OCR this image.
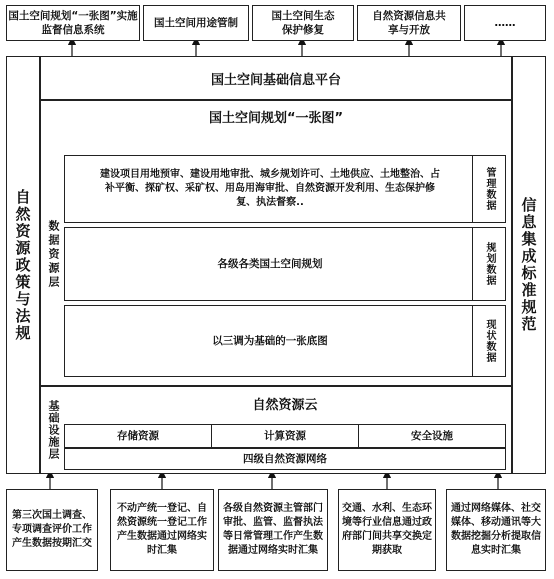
国土空间规划“一张图”实施监督信息系统
国土空间用途管制
国土空间生态保护修复
自然资源信息共享与开放
……
自然资源政策与法规	信息集成标准规范
国土空间基础信息平台
国土空间规划“一张图”
数据资源层
建设项目用地预审、建设用地审批、城乡规划许可、土地供应、土地整治、占补平衡、探矿权、采矿权、用岛用海审批、自然资源开发利用、生态保护修复、执法督察..	管理数据
各级各类国土空间规划	规划数据
以三调为基础的一张底图	现状数据
基础设施层	自然资源云
存储资源	计算资源	安全设施
四级自然资源网络
第三次国土调查、专项调查评价工作产生数据按期汇交
不动产统一登记、自然资源统一登记工作产生数据通过网络实时汇集
各级自然资源主管部门审批、监管、监督执法等日常管理工作产生数据通过网络实时汇集
交通、水利、生态环境等行业信息通过政府部门间共享交换定期获取
通过网络媒体、社交媒体、移动通讯等大数据挖掘分析提取信息实时汇集
